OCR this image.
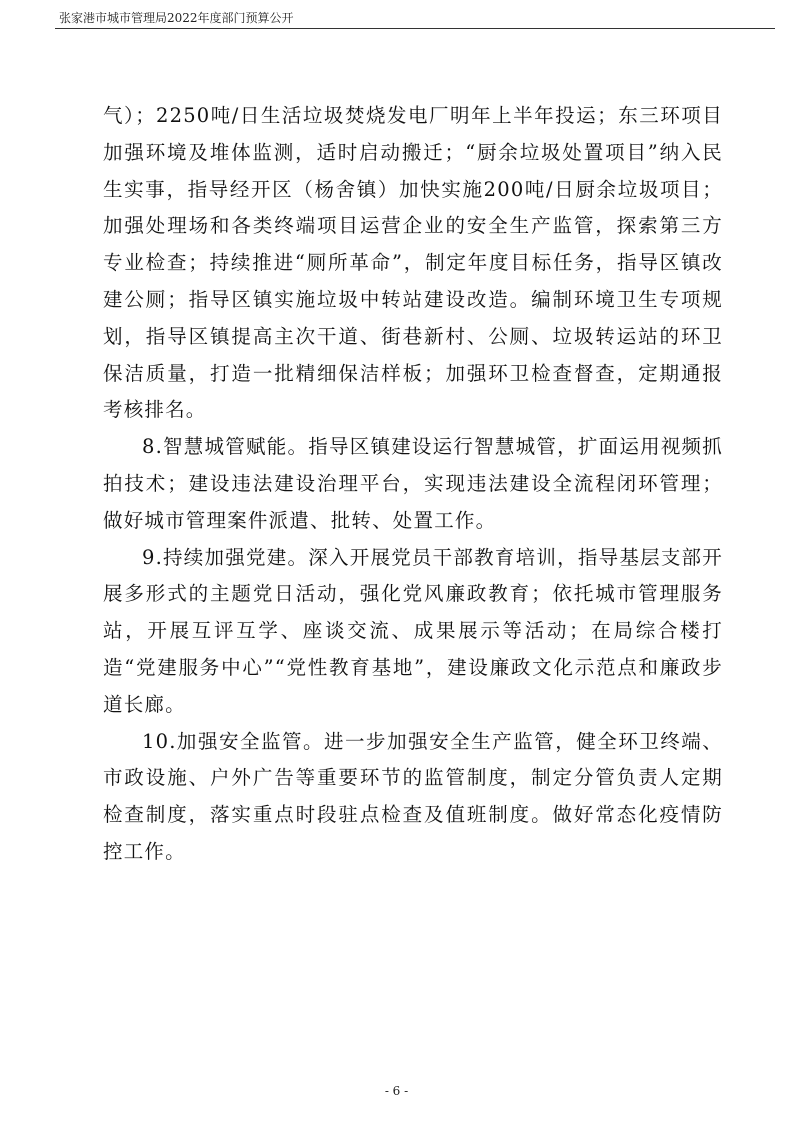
张家港市城市管理局2022年度部门预算公开

气）；2250吨/日生活垃圾焚烧发电厂明年上半年投运；东三环项目加强环境及堆体监测，适时启动搬迁；“厨余垃圾处置项目”纳入民生实事，指导经开区（杨舍镇）加快实施200吨/日厨余垃圾项目；加强处理场和各类终端项目运营企业的安全生产监管，探索第三方专业检查；持续推进“厕所革命”，制定年度目标任务，指导区镇改建公厕；指导区镇实施垃圾中转站建设改造。编制环境卫生专项规划，指导区镇提高主次干道、街巷新村、公厕、垃圾转运站的环卫保洁质量，打造一批精细保洁样板；加强环卫检查督查，定期通报考核排名。

8.智慧城管赋能。指导区镇建设运行智慧城管，扩面运用视频抓拍技术；建设违法建设治理平台，实现违法建设全流程闭环管理；做好城市管理案件派遣、批转、处置工作。

9.持续加强党建。深入开展党员干部教育培训，指导基层支部开展多形式的主题党日活动，强化党风廉政教育；依托城市管理服务站，开展互评互学、座谈交流、成果展示等活动；在局综合楼打造“党建服务中心”“党性教育基地”，建设廉政文化示范点和廉政步道长廊。

10.加强安全监管。进一步加强安全生产监管，健全环卫终端、市政设施、户外广告等重要环节的监管制度，制定分管负责人定期检查制度，落实重点时段驻点检查及值班制度。做好常态化疫情防控工作。

- 6 -
